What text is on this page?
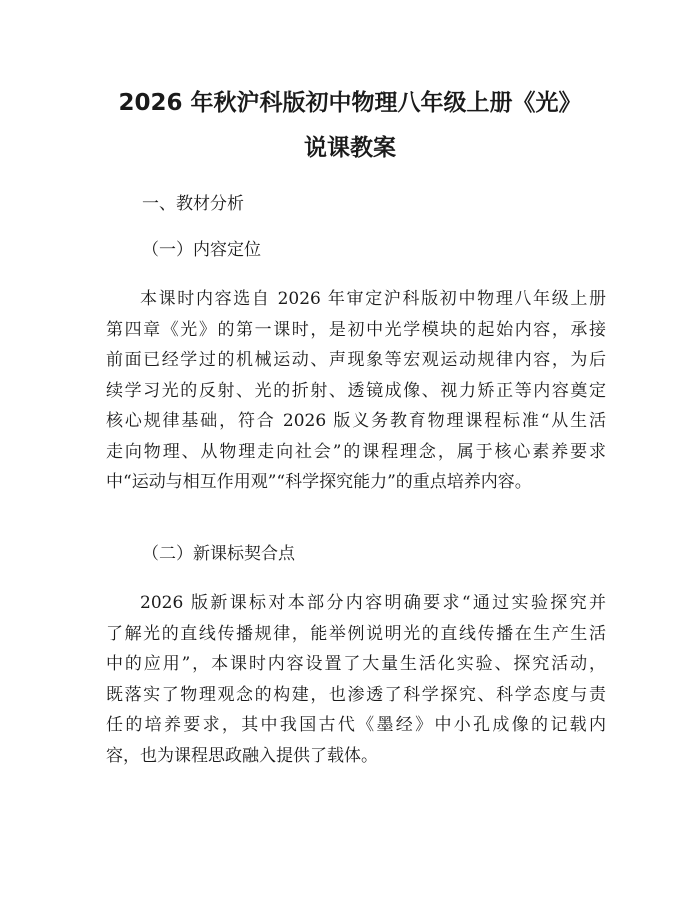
2026 年秋沪科版初中物理八年级上册《光》
说课教案
一、教材分析
（一）内容定位
本课时内容选自 2026 年审定沪科版初中物理八年级上册
第四章《光》的第一课时，是初中光学模块的起始内容，承接
前面已经学过的机械运动、声现象等宏观运动规律内容，为后
续学习光的反射、光的折射、透镜成像、视力矫正等内容奠定
核心规律基础，符合 2026 版义务教育物理课程标准“从生活
走向物理、从物理走向社会”的课程理念，属于核心素养要求
中“运动与相互作用观”“科学探究能力”的重点培养内容。
（二）新课标契合点
2026 版新课标对本部分内容明确要求“通过实验探究并
了解光的直线传播规律，能举例说明光的直线传播在生产生活
中的应用”，本课时内容设置了大量生活化实验、探究活动，
既落实了物理观念的构建，也渗透了科学探究、科学态度与责
任的培养要求，其中我国古代《墨经》中小孔成像的记载内
容，也为课程思政融入提供了载体。
